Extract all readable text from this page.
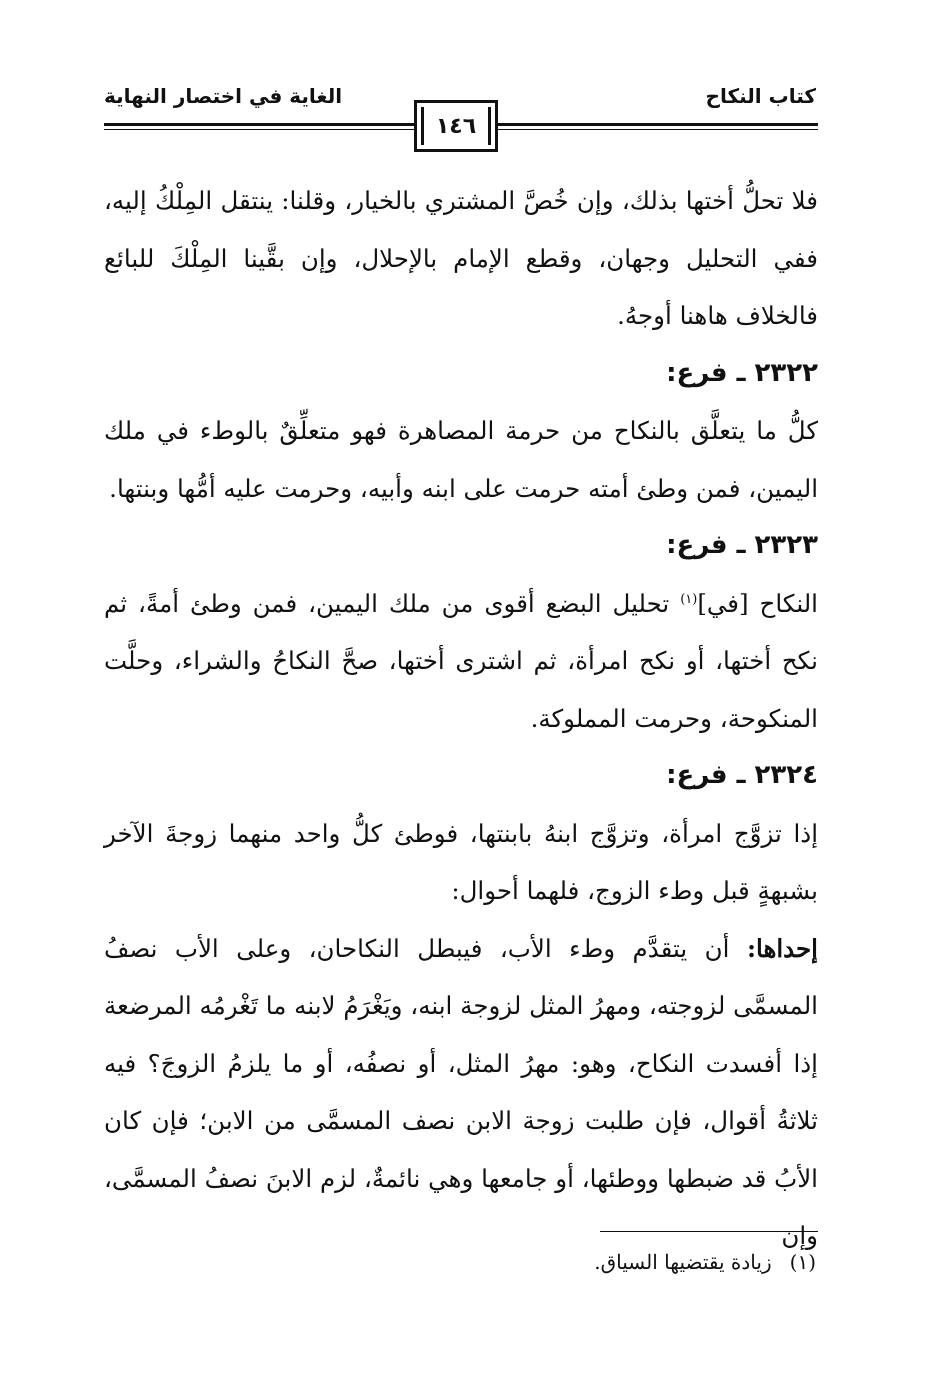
كتاب النكاح
الغاية في اختصار النهاية
١٤٦

فلا تحلُّ أختها بذلك، وإن خُصَّ المشتري بالخيار، وقلنا: ينتقل المِلْكُ إليه، ففي التحليل وجهان، وقطع الإمام بالإحلال، وإن بقَّينا المِلْكَ للبائع فالخلاف هاهنا أوجهُ.

٢٣٢٢ ـ فرع:

كلُّ ما يتعلَّق بالنكاح من حرمة المصاهرة فهو متعلِّقٌ بالوطء في ملك اليمين، فمن وطئ أمته حرمت على ابنه وأبيه، وحرمت عليه أمُّها وبنتها.

٢٣٢٣ ـ فرع:

النكاح [في]$^{(١)}$ تحليل البضع أقوى من ملك اليمين، فمن وطئ أمةً، ثم نكح أختها، أو نكح امرأة، ثم اشترى أختها، صحَّ النكاحُ والشراء، وحلَّت المنكوحة، وحرمت المملوكة.

٢٣٢٤ ـ فرع:

إذا تزوَّج امرأة، وتزوَّج ابنهُ بابنتها، فوطئ كلُّ واحد منهما زوجةَ الآخر بشبهةٍ قبل وطء الزوج، فلهما أحوال:

إحداها: أن يتقدَّم وطء الأب، فيبطل النكاحان، وعلى الأب نصفُ المسمَّى لزوجته، ومهرُ المثل لزوجة ابنه، ويَغْرَمُ لابنه ما تَغْرمُه المرضعة إذا أفسدت النكاح، وهو: مهرُ المثل، أو نصفُه، أو ما يلزمُ الزوجَ؟ فيه ثلاثةُ أقوال، فإن طلبت زوجة الابن نصف المسمَّى من الابن؛ فإن كان الأبُ قد ضبطها ووطئها، أو جامعها وهي نائمةٌ، لزم الابنَ نصفُ المسمَّى، وإن

(١)زيادة يقتضيها السياق.
